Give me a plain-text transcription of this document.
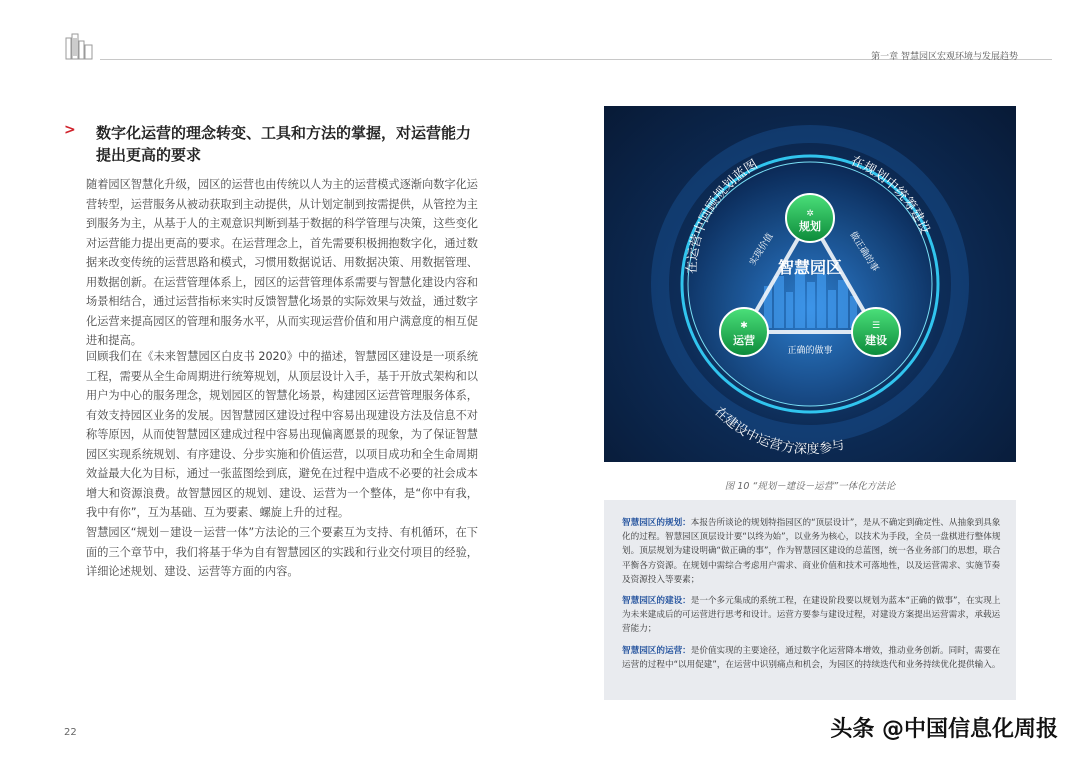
第一章 智慧园区宏观环境与发展趋势
> 数字化运营的理念转变、工具和方法的掌握，对运营能力提出更高的要求

随着园区智慧化升级，园区的运营也由传统以人为主的运营模式逐渐向数字化运营转型，运营服务从被动获取到主动提供，从计划定制到按需提供，从管控为主到服务为主，从基于人的主观意识判断到基于数据的科学管理与决策，这些变化对运营能力提出更高的要求。在运营理念上，首先需要积极拥抱数字化，通过数据来改变传统的运营思路和模式，习惯用数据说话、用数据决策、用数据管理、用数据创新。在运营管理体系上，园区的运营管理体系需要与智慧化建设内容和场景相结合，通过运营指标来实时反馈智慧化场景的实际效果与效益，通过数字化运营来提高园区的管理和服务水平，从而实现运营价值和用户满意度的相互促进和提高。

回顾我们在《未来智慧园区白皮书 2020》中的描述，智慧园区建设是一项系统工程，需要从全生命周期进行统筹规划，从顶层设计入手，基于开放式架构和以用户为中心的服务理念，规划园区的智慧化场景，构建园区运营管理服务体系，有效支持园区业务的发展。因智慧园区建设过程中容易出现建设方法及信息不对称等原因，从而使智慧园区建成过程中容易出现偏离愿景的现象，为了保证智慧园区实现系统规划、有序建设、分步实施和价值运营，以项目成功和全生命周期效益最大化为目标，通过一张蓝图绘到底，避免在过程中造成不必要的社会成本增大和资源浪费。故智慧园区的规划、建设、运营为一个整体，是“你中有我，我中有你”，互为基础、互为要素、螺旋上升的过程。

智慧园区“规划－建设－运营一体”方法论的三个要素互为支持、有机循环，在下面的三个章节中，我们将基于华为自有智慧园区的实践和行业交付项目的经验，详细论述规划、建设、运营等方面的内容。

22
智慧园区
实现价值	做正确的事
正确的做事
✲
规划
✱
运营
☰
建设
在运营中回顾规划蓝图	在规划中统筹建设
在建设中运营方深度参与
图 10 “规划－建设－运营”一体化方法论

智慧园区的规划：本报告所谈论的规划特指园区的“顶层设计”，是从不确定到确定性、从抽象到具象化的过程。智慧园区顶层设计要“以终为始”，以业务为核心，以技术为手段，全员一盘棋进行整体规划。顶层规划为建设明确“做正确的事”，作为智慧园区建设的总蓝图，统一各业务部门的思想，联合平衡各方资源。在规划中需综合考虑用户需求、商业价值和技术可落地性，以及运营需求、实施节奏及资源投入等要素；

智慧园区的建设：是一个多元集成的系统工程，在建设阶段要以规划为蓝本“正确的做事”，在实现上为未来建成后的可运营进行思考和设计。运营方要参与建设过程，对建设方案提出运营需求，承载运营能力；

智慧园区的运营：是价值实现的主要途径，通过数字化运营降本增效，推动业务创新。同时，需要在运营的过程中“以用促建”，在运营中识别痛点和机会，为园区的持续迭代和业务持续优化提供输入。

头条 @中国信息化周报
